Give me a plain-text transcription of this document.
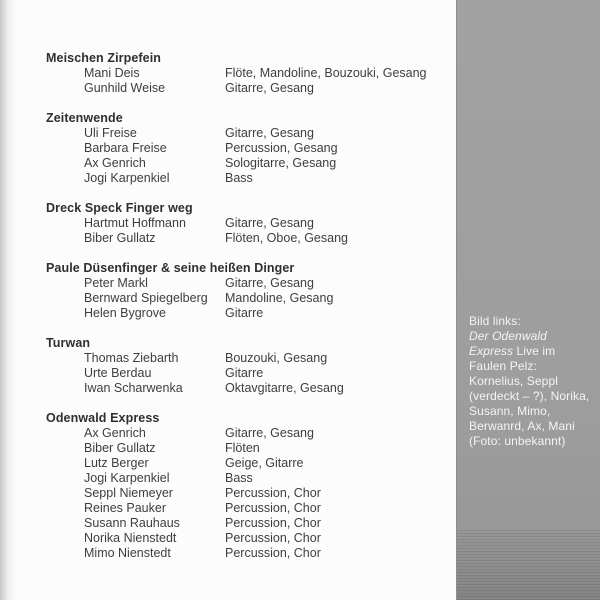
Meischen Zirpefein
Mani Deis	Flöte, Mandoline, Bouzouki, Gesang
Gunhild Weise	Gitarre, Gesang
Zeitenwende
Uli Freise	Gitarre, Gesang
Barbara Freise	Percussion, Gesang
Ax Genrich	Sologitarre, Gesang
Jogi Karpenkiel	Bass
Dreck Speck Finger weg
Hartmut Hoffmann	Gitarre, Gesang
Biber Gullatz	Flöten, Oboe, Gesang
Paule Düsenfinger & seine heißen Dinger
Peter Markl	Gitarre, Gesang
Bernward Spiegelberg	Mandoline, Gesang
Helen Bygrove	Gitarre
Turwan
Thomas Ziebarth	Bouzouki, Gesang
Urte Berdau	Gitarre
Iwan Scharwenka	Oktavgitarre, Gesang
Odenwald Express
Ax Genrich	Gitarre, Gesang
Biber Gullatz	Flöten
Lutz Berger	Geige, Gitarre
Jogi Karpenkiel	Bass
Seppl Niemeyer	Percussion, Chor
Reines Pauker	Percussion, Chor
Susann Rauhaus	Percussion, Chor
Norika Nienstedt	Percussion, Chor
Mimo Nienstedt	Percussion, Chor
Bild links:
Der Odenwald
Express Live im
Faulen Pelz:
Kornelius, Seppl
(verdeckt – ?), Norika,
Susann, Mimo,
Berwanrd, Ax, Mani
(Foto: unbekannt)
